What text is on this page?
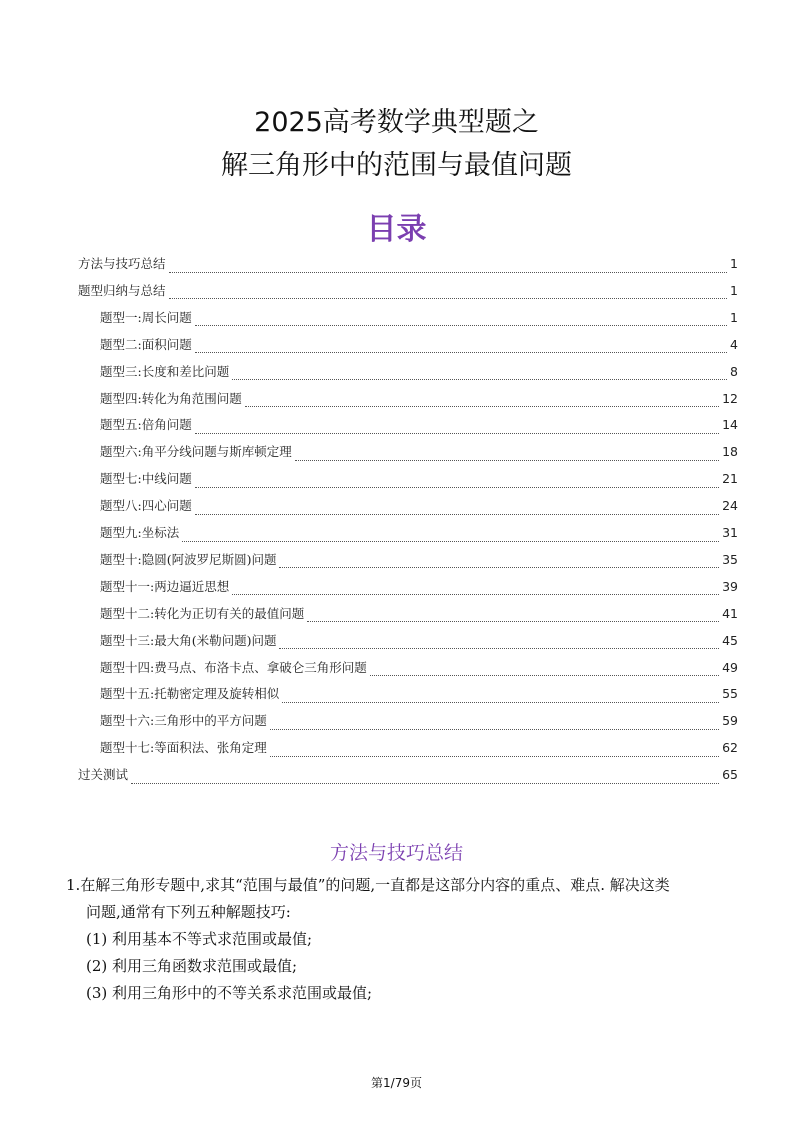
2025高考数学典型题之
解三角形中的范围与最值问题
目录
方法与技巧总结	1
题型归纳与总结	1
题型一:周长问题	1
题型二:面积问题	4
题型三:长度和差比问题	8
题型四:转化为角范围问题	12
题型五:倍角问题	14
题型六:角平分线问题与斯库顿定理	18
题型七:中线问题	21
题型八:四心问题	24
题型九:坐标法	31
题型十:隐圆(阿波罗尼斯圆)问题	35
题型十一:两边逼近思想	39
题型十二:转化为正切有关的最值问题	41
题型十三:最大角(米勒问题)问题	45
题型十四:费马点、布洛卡点、拿破仑三角形问题	49
题型十五:托勒密定理及旋转相似	55
题型十六:三角形中的平方问题	59
题型十七:等面积法、张角定理	62
过关测试	65
方法与技巧总结

1.在解三角形专题中,求其“范围与最值”的问题,一直都是这部分内容的重点、难点. 解决这类

问题,通常有下列五种解题技巧:

(1) 利用基本不等式求范围或最值;

(2) 利用三角函数求范围或最值;

(3) 利用三角形中的不等关系求范围或最值;

第1/79页
